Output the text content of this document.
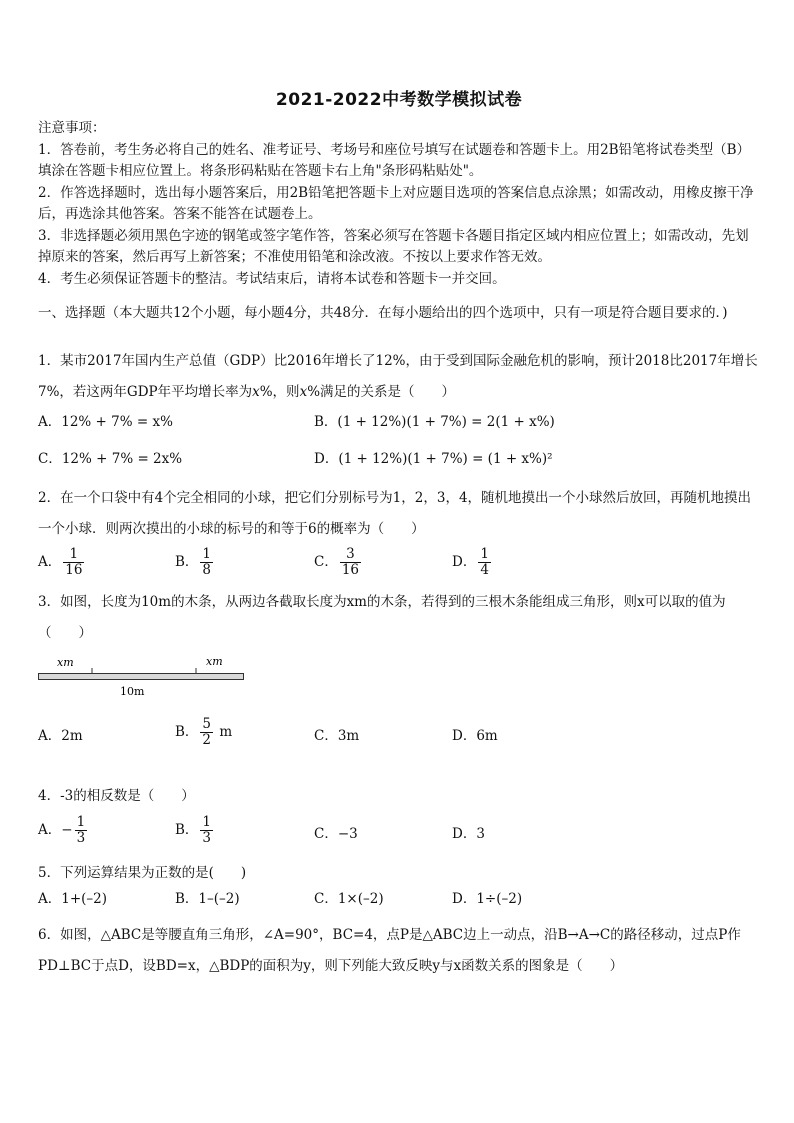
2021-2022中考数学模拟试卷

注意事项：

1．答卷前，考生务必将自己的姓名、准考证号、考场号和座位号填写在试题卷和答题卡上。用2B铅笔将试卷类型（B）填涂在答题卡相应位置上。将条形码粘贴在答题卡右上角"条形码粘贴处"。

2．作答选择题时，选出每小题答案后，用2B铅笔把答题卡上对应题目选项的答案信息点涂黑；如需改动，用橡皮擦干净后，再选涂其他答案。答案不能答在试题卷上。

3．非选择题必须用黑色字迹的钢笔或签字笔作答，答案必须写在答题卡各题目指定区域内相应位置上；如需改动，先划掉原来的答案，然后再写上新答案；不准使用铅笔和涂改液。不按以上要求作答无效。

4．考生必须保证答题卡的整洁。考试结束后，请将本试卷和答题卡一并交回。

一、选择题（本大题共12个小题，每小题4分，共48分．在每小题给出的四个选项中，只有一项是符合题目要求的．)

1．某市2017年国内生产总值（GDP）比2016年增长了12%，由于受到国际金融危机的影响，预计2018比2017年增长7%，若这两年GDP年平均增长率为x%，则x%满足的关系是（　　）

A．12% + 7% = x%	B．(1 + 12%)(1 + 7%) = 2(1 + x%)
C．12% + 7% = 2x%	D．(1 + 12%)(1 + 7%) = (1 + x%)²

2．在一个口袋中有4个完全相同的小球，把它们分别标号为1，2，3，4，随机地摸出一个小球然后放回，再随机地摸出一个小球．则两次摸出的小球的标号的和等于6的概率为（　　）

A． $\frac{1}{16}$	B． $\frac{1}{8}$	C． $\frac{3}{16}$	D． $\frac{1}{4}$

3．如图，长度为10m的木条，从两边各截取长度为xm的木条，若得到的三根木条能组成三角形，则x可以取的值为（　　）

xm	xm
10m
A．2m	B． $\frac{5}{2}$ m	C．3m	D．6m

4．-3的相反数是（　　）

A．− $\frac{1}{3}$	B． $\frac{1}{3}$	C．−3	D．3

5．下列运算结果为正数的是(　　)

A．1+(–2)	B．1–(–2)	C．1×(–2)	D．1÷(–2)

6．如图，△ABC是等腰直角三角形，∠A=90°，BC=4，点P是△ABC边上一动点，沿B→A→C的路径移动，过点P作PD⊥BC于点D，设BD=x，△BDP的面积为y，则下列能大致反映y与x函数关系的图象是（　　）
